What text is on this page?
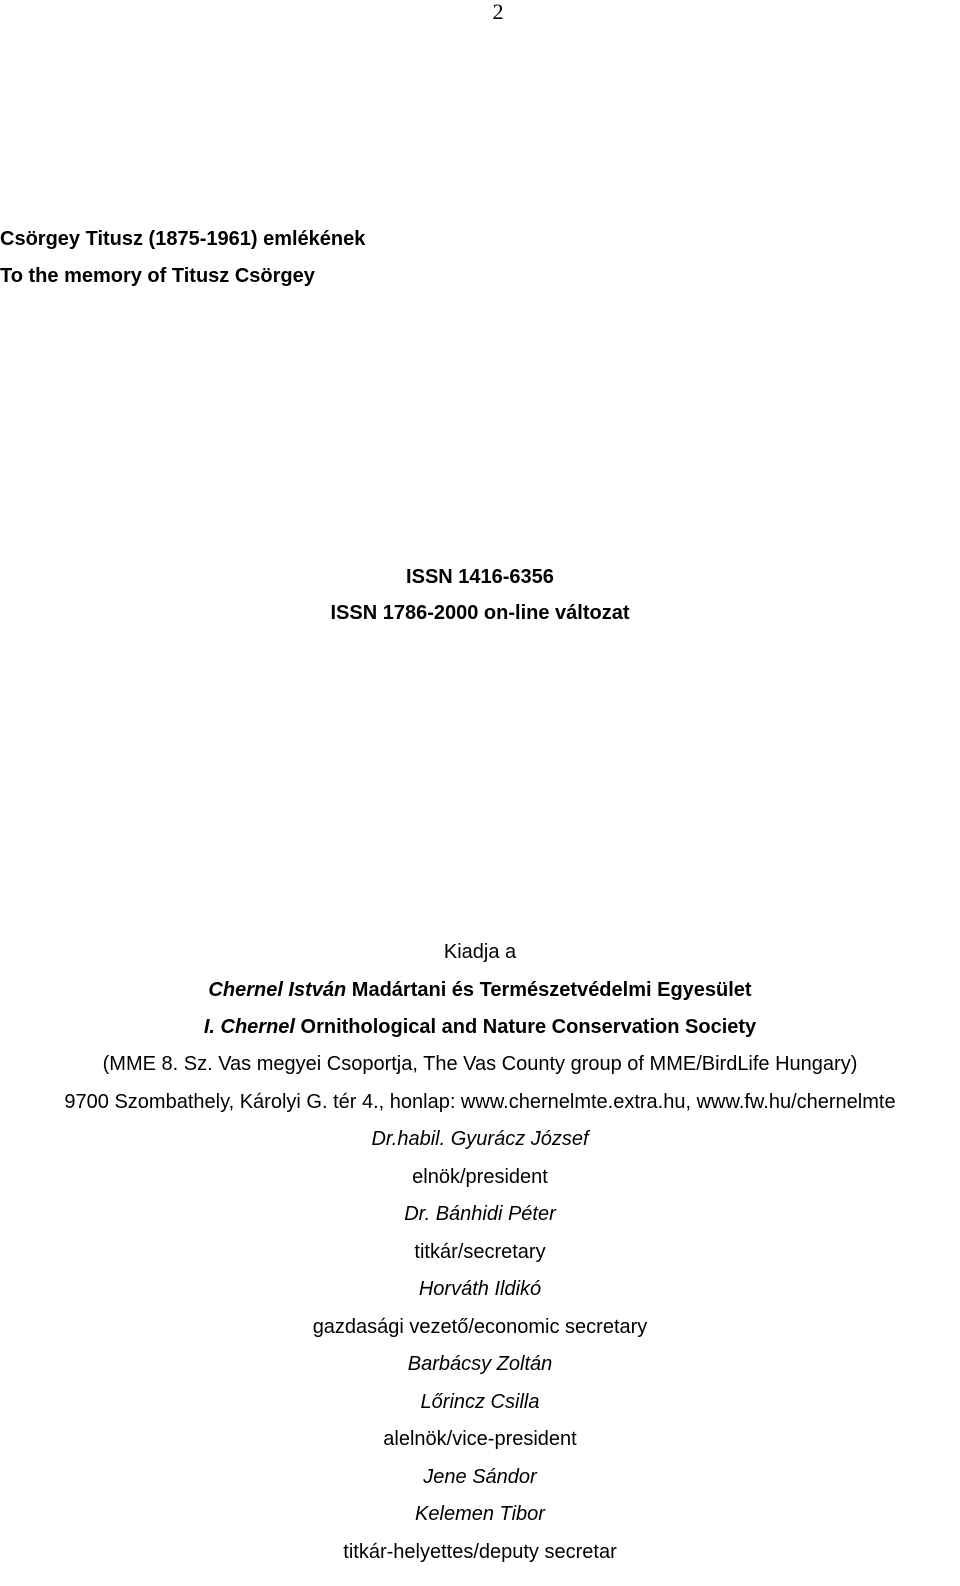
2
Csörgey Titusz (1875-1961) emlékének
To the memory of Titusz Csörgey
ISSN 1416-6356
ISSN 1786-2000 on-line változat
Kiadja a
Chernel István Madártani és Természetvédelmi Egyesület
I. Chernel Ornithological and Nature Conservation Society
(MME 8. Sz. Vas megyei Csoportja, The Vas County group of MME/BirdLife Hungary)
9700 Szombathely, Károlyi G. tér 4., honlap: www.chernelmte.extra.hu, www.fw.hu/chernelmte
Dr.habil. Gyurácz József
elnök/president
Dr. Bánhidi Péter
titkár/secretary
Horváth Ildikó
gazdasági vezető/economic secretary
Barbácsy Zoltán
Lőrincz Csilla
alelnök/vice-president
Jene Sándor
Kelemen Tibor
titkár-helyettes/deputy secretar
